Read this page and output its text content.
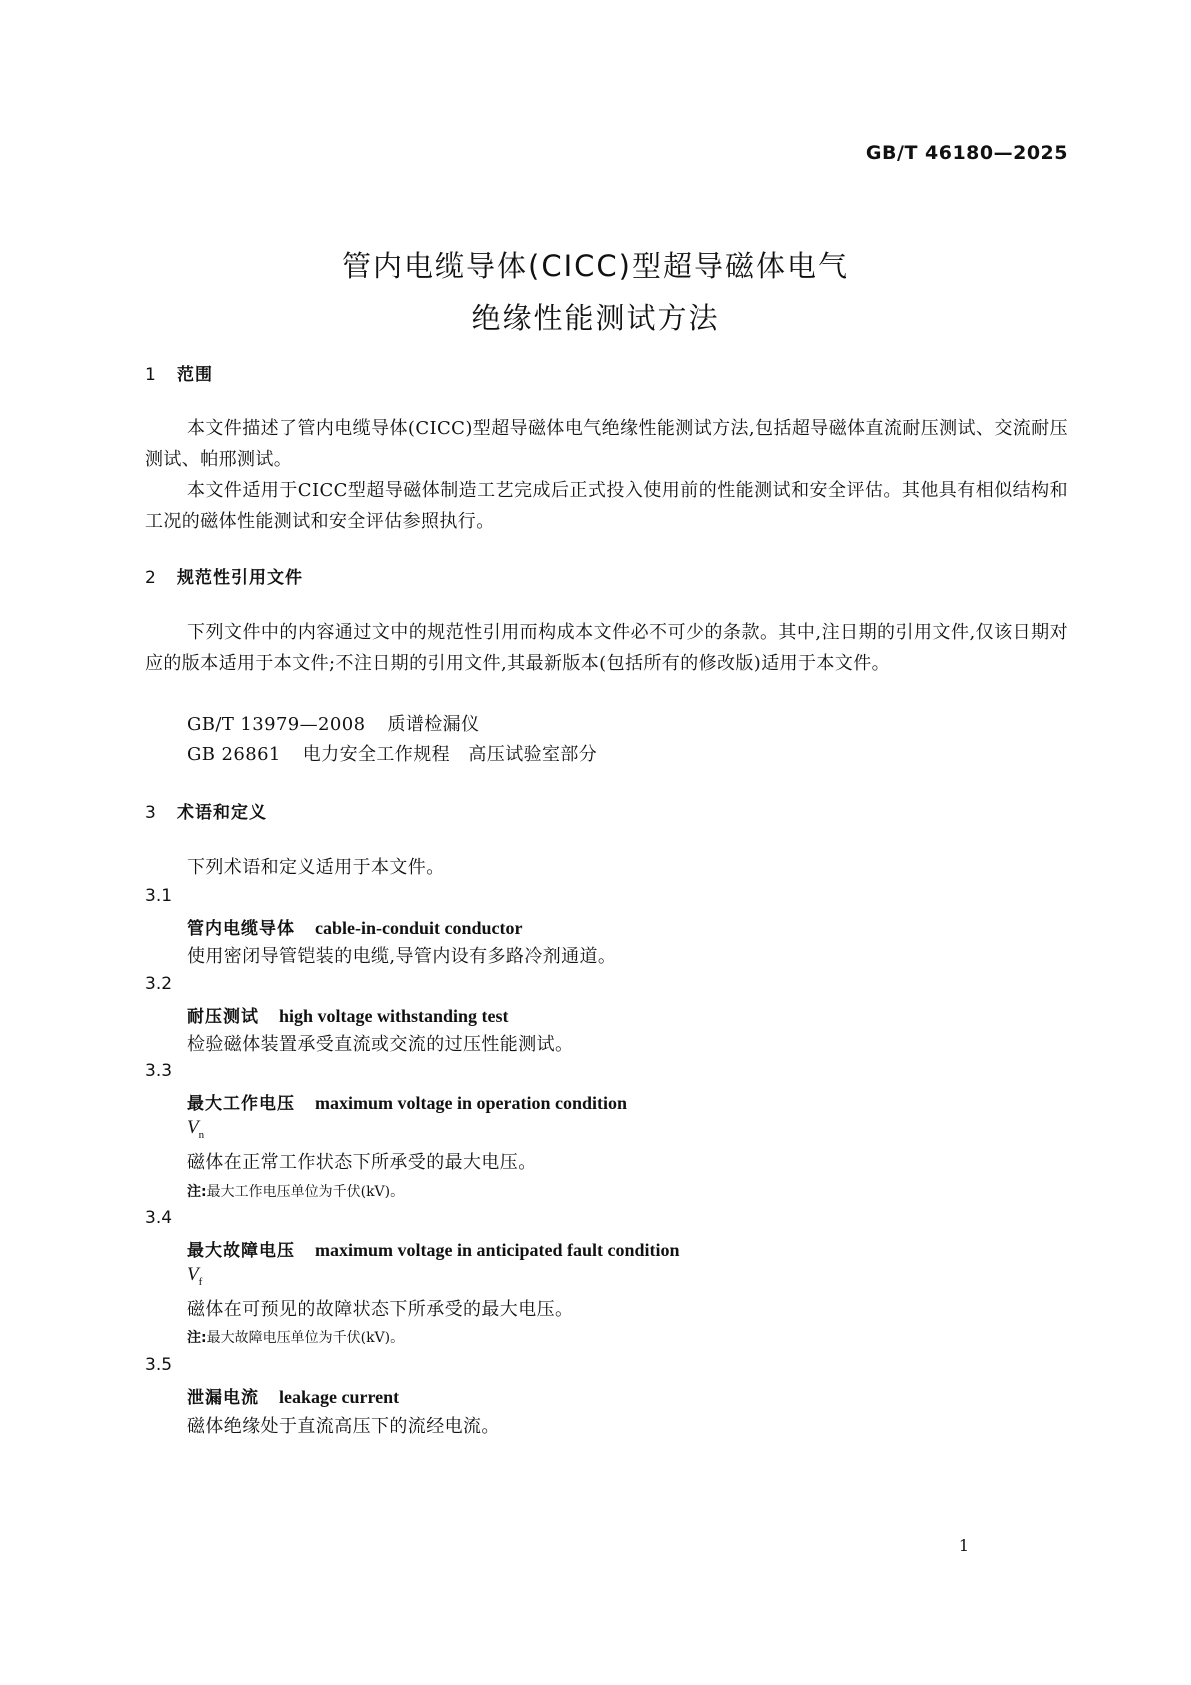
GB/T 46180—2025
管内电缆导体(CICC)型超导磁体电气
绝缘性能测试方法
1 范围
本文件描述了管内电缆导体(CICC)型超导磁体电气绝缘性能测试方法,包括超导磁体直流耐压测试、交流耐压测试、帕邢测试。
本文件适用于CICC型超导磁体制造工艺完成后正式投入使用前的性能测试和安全评估。其他具有相似结构和工况的磁体性能测试和安全评估参照执行。
2 规范性引用文件
下列文件中的内容通过文中的规范性引用而构成本文件必不可少的条款。其中,注日期的引用文件,仅该日期对应的版本适用于本文件;不注日期的引用文件,其最新版本(包括所有的修改版)适用于本文件。
GB/T 13979—2008 质谱检漏仪
GB 26861 电力安全工作规程　高压试验室部分
3 术语和定义
下列术语和定义适用于本文件。
3.1
管内电缆导体 cable-in-conduit conductor
使用密闭导管铠装的电缆,导管内设有多路冷剂通道。
3.2
耐压测试 high voltage withstanding test
检验磁体装置承受直流或交流的过压性能测试。
3.3
最大工作电压 maximum voltage in operation condition
$V_n$
磁体在正常工作状态下所承受的最大电压。
注:最大工作电压单位为千伏(kV)。
3.4
最大故障电压 maximum voltage in anticipated fault condition
$V_f$
磁体在可预见的故障状态下所承受的最大电压。
注:最大故障电压单位为千伏(kV)。
3.5
泄漏电流 leakage current
磁体绝缘处于直流高压下的流经电流。
1
